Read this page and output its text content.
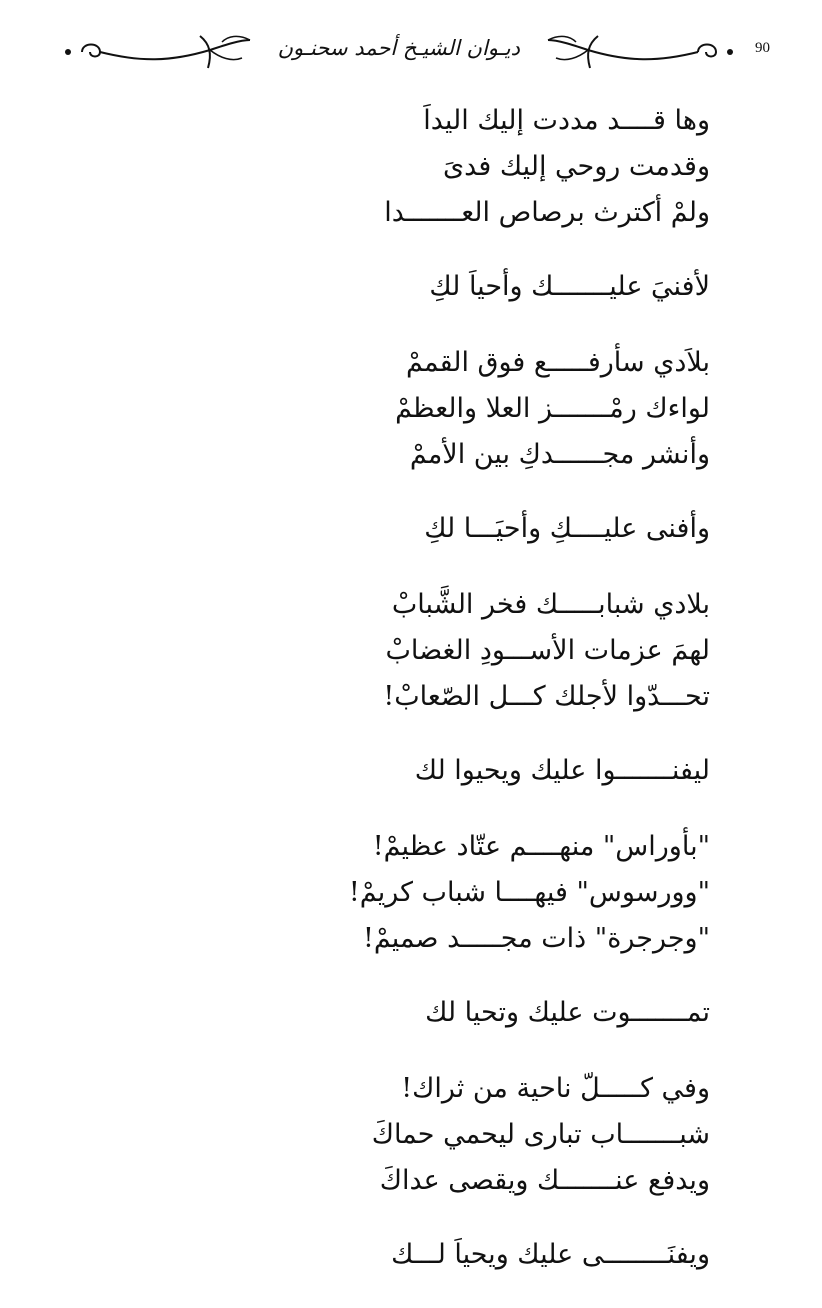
ديـوان الشيـخ أحمد سحنـون	90
وها قــــد مددت إليك اليداَ
وقدمت روحي إليك فدىَ
ولمْ أكترث برصاص العـــــــدا
لأفنيَ عليـــــــك وأحياَ لكِ
بلاَدي سأرفـــــع فوق القممْ
لواءك رمْـــــــز العلا والعظمْ
وأنشر مجــــــدكِ بين الأممْ
وأفنى عليــــكِ وأحيَـــا لكِ
بلادي شبابـــــك فخر الشَّبابْ
لهمَ عزمات الأســـودِ الغضابْ
تحـــدّوا لأجلك كـــل الصّعابْ!
ليفنـــــــوا عليك ويحيوا لك
"بأوراس" منهــــم عتّاد عظيمْ!
"وورسوس" فيهــــا شباب كريمْ!
"وجرجرة" ذات مجـــــد صميمْ!
تمـــــــوت عليك وتحيا لك
وفي كـــــلّ ناحية من ثراك!
شبـــــــاب تبارى ليحمي حماكَ
ويدفع عنـــــــك ويقصى عداكَ
ويفنَــــــــى عليك ويحياَ لـــك
